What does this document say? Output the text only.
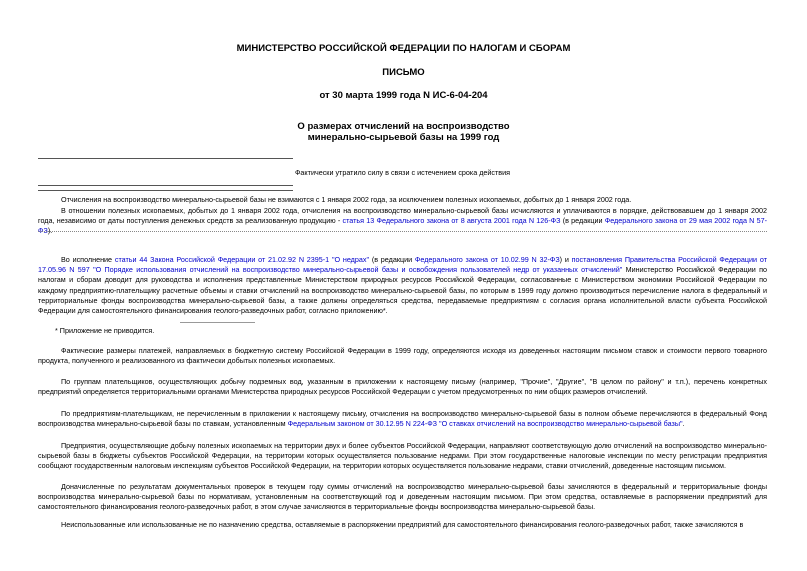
МИНИСТЕРСТВО РОССИЙСКОЙ ФЕДЕРАЦИИ ПО НАЛОГАМ И СБОРАМ
ПИСЬМО
от 30 марта 1999 года N ИС-6-04-204
О размерах отчислений на воспроизводство
минерально-сырьевой базы на 1999 год
Фактически утратило силу в связи с истечением срока действия
Отчисления на воспроизводство минерально-сырьевой базы не взимаются с 1 января 2002 года, за исключением полезных ископаемых, добытых до 1 января 2002 года.
В отношении полезных ископаемых, добытых до 1 января 2002 года, отчисления на воспроизводство минерально-сырьевой базы исчисляются и уплачиваются в порядке, действовавшем до 1 января 2002 года, независимо от даты поступления денежных средств за реализованную продукцию - статья 13 Федерального закона от 8 августа 2001 года N 126-ФЗ (в редакции Федерального закона от 29 мая 2002 года N 57-ФЗ).
Во исполнение статьи 44 Закона Российской Федерации от 21.02.92 N 2395-1 "О недрах" (в редакции Федерального закона от 10.02.99 N 32-ФЗ) и постановления Правительства Российской Федерации от 17.05.96 N 597 "О Порядке использования отчислений на воспроизводство минерально-сырьевой базы и освобождения пользователей недр от указанных отчислений" Министерство Российской Федерации по налогам и сборам доводит для руководства и исполнения представленные Министерством природных ресурсов Российской Федерации, согласованные с Министерством экономики Российской Федерации по каждому предприятию-плательщику расчетные объемы и ставки отчислений на воспроизводство минерально-сырьевой базы, по которым в 1999 году должно производиться перечисление налога в федеральный и территориальные фонды воспроизводства минерально-сырьевой базы, а также должны определяться средства, передаваемые предприятиям с согласия органа исполнительной власти субъекта Российской Федерации для самостоятельного финансирования геолого-разведочных работ, согласно приложению*.
* Приложение не приводится.
Фактические размеры платежей, направляемых в бюджетную систему Российской Федерации в 1999 году, определяются исходя из доведенных настоящим письмом ставок и стоимости первого товарного продукта, полученного и реализованного из фактически добытых полезных ископаемых.
По группам плательщиков, осуществляющих добычу подземных вод, указанным в приложении к настоящему письму (например, "Прочие", "Другие", "В целом по району" и т.п.), перечень конкретных предприятий определяется территориальными органами Министерства природных ресурсов Российской Федерации с учетом предусмотренных по ним общих размеров отчислений.
По предприятиям-плательщикам, не перечисленным в приложении к настоящему письму, отчисления на воспроизводство минерально-сырьевой базы в полном объеме перечисляются в федеральный Фонд воспроизводства минерально-сырьевой базы по ставкам, установленным Федеральным законом от 30.12.95 N 224-ФЗ "О ставках отчислений на воспроизводство минерально-сырьевой базы".
Предприятия, осуществляющие добычу полезных ископаемых на территории двух и более субъектов Российской Федерации, направляют соответствующую долю отчислений на воспроизводство минерально-сырьевой базы в бюджеты субъектов Российской Федерации, на территории которых осуществляется пользование недрами. При этом государственные налоговые инспекции по месту регистрации предприятия сообщают государственным налоговым инспекциям субъектов Российской Федерации, на территории которых осуществляется пользование недрами, ставки отчислений, доведенные настоящим письмом.
Доначисленные по результатам документальных проверок в текущем году суммы отчислений на воспроизводство минерально-сырьевой базы зачисляются в федеральный и территориальные фонды воспроизводства минерально-сырьевой базы по нормативам, установленным на соответствующий год и доведенным настоящим письмом. При этом средства, оставляемые в распоряжении предприятий для самостоятельного финансирования геолого-разведочных работ, в этом случае зачисляются в территориальные фонды воспроизводства минерально-сырьевой базы.
Неиспользованные или использованные не по назначению средства, оставляемые в распоряжении предприятий для самостоятельного финансирования геолого-разведочных работ, также зачисляются в
